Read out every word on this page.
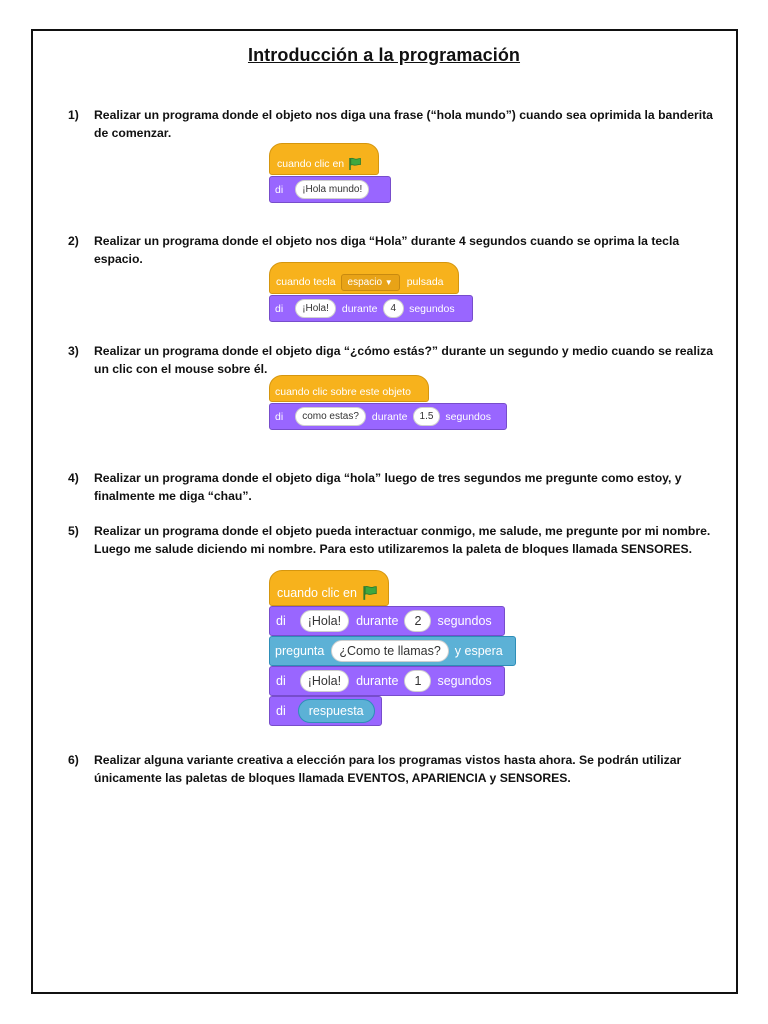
Introducción a la programación
1) Realizar un programa donde el objeto nos diga una frase (“hola mundo”) cuando sea oprimida la banderita de comenzar.
cuando clic en
di	¡Hola mundo!
2) Realizar un programa donde el objeto nos diga “Hola” durante 4 segundos cuando se oprima la tecla espacio.
cuando tecla	espacio ▼	pulsada
di	¡Hola!	durante	4	segundos
3) Realizar un programa donde el objeto diga “¿cómo estás?” durante un segundo y medio cuando se realiza un clic con el mouse sobre él.
cuando clic sobre este objeto
di	como estas?	durante	1.5	segundos
4) Realizar un programa donde el objeto diga “hola” luego de tres segundos me pregunte como estoy, y finalmente me diga “chau”.
5) Realizar un programa donde el objeto pueda interactuar conmigo, me salude, me pregunte por mi nombre. Luego me salude diciendo mi nombre. Para esto utilizaremos la paleta de bloques llamada SENSORES.
cuando clic en
di	¡Hola!	durante	2	segundos
pregunta	¿Como te llamas?	y espera
di	¡Hola!	durante	1	segundos
di	respuesta
6) Realizar alguna variante creativa a elección para los programas vistos hasta ahora. Se podrán utilizar únicamente las paletas de bloques llamada EVENTOS, APARIENCIA y SENSORES.
